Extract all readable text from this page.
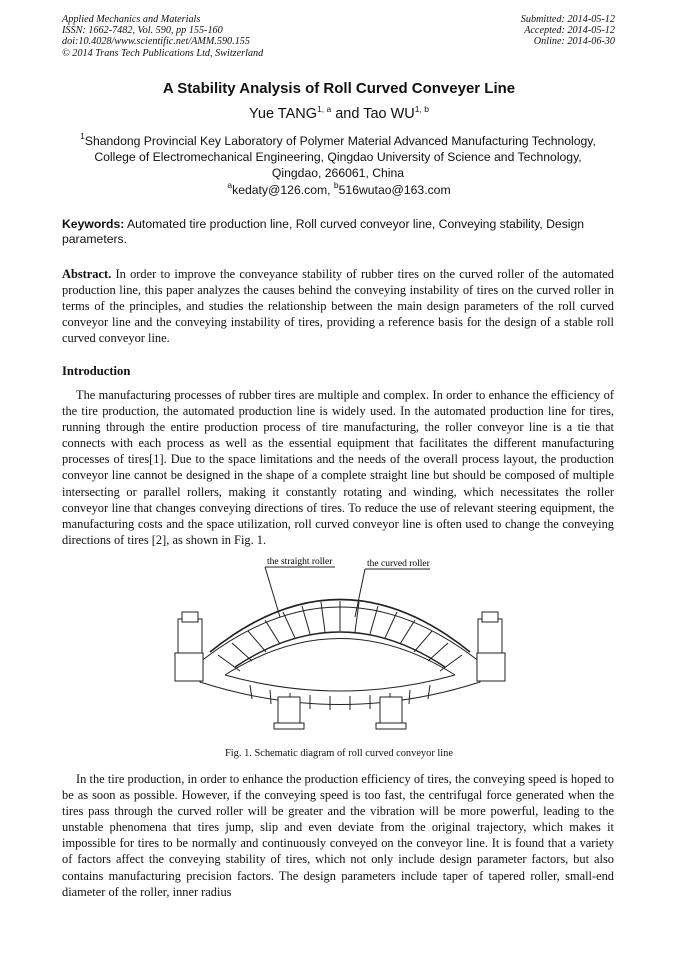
Applied Mechanics and Materials
ISSN: 1662-7482, Vol. 590, pp 155-160
doi:10.4028/www.scientific.net/AMM.590.155
© 2014 Trans Tech Publications Ltd, Switzerland
Submitted: 2014-05-12
Accepted: 2014-05-12
Online: 2014-06-30
A Stability Analysis of Roll Curved Conveyer Line
Yue TANG$^{1, a}$ and Tao WU$^{1, b}$
$^1$Shandong Provincial Key Laboratory of Polymer Material Advanced Manufacturing Technology,
College of Electromechanical Engineering, Qingdao University of Science and Technology,
Qingdao, 266061, China
$^a$kedaty@126.com, $^b$516wutao@163.com
Keywords: Automated tire production line, Roll curved conveyor line, Conveying stability, Design parameters.
Abstract. In order to improve the conveyance stability of rubber tires on the curved roller of the automated production line, this paper analyzes the causes behind the conveying instability of tires on the curved roller in terms of the principles, and studies the relationship between the main design parameters of the roll curved conveyor line and the conveying instability of tires, providing a reference basis for the design of a stable roll curved conveyor line.
Introduction
The manufacturing processes of rubber tires are multiple and complex. In order to enhance the efficiency of the tire production, the automated production line is widely used. In the automated production line for tires, running through the entire production process of tire manufacturing, the roller conveyor line is a tie that connects with each process as well as the essential equipment that facilitates the different manufacturing processes of tires[1]. Due to the space limitations and the needs of the overall process layout, the production conveyor line cannot be designed in the shape of a complete straight line but should be composed of multiple intersecting or parallel rollers, making it constantly rotating and winding, which necessitates the roller conveyor line that changes conveying directions of tires. To reduce the use of relevant steering equipment, the manufacturing costs and the space utilization, roll curved conveyor line is often used to change the conveying directions of tires [2], as shown in Fig. 1.
the straight roller	the curved roller
Fig. 1. Schematic diagram of roll curved conveyor line
In the tire production, in order to enhance the production efficiency of tires, the conveying speed is hoped to be as soon as possible. However, if the conveying speed is too fast, the centrifugal force generated when the tires pass through the curved roller will be greater and the vibration will be more powerful, leading to the unstable phenomena that tires jump, slip and even deviate from the original trajectory, which makes it impossible for tires to be normally and continuously conveyed on the conveyor line. It is found that a variety of factors affect the conveying stability of tires, which not only include design parameter factors, but also contains manufacturing precision factors. The design parameters include taper of tapered roller, small-end diameter of the roller, inner radius
